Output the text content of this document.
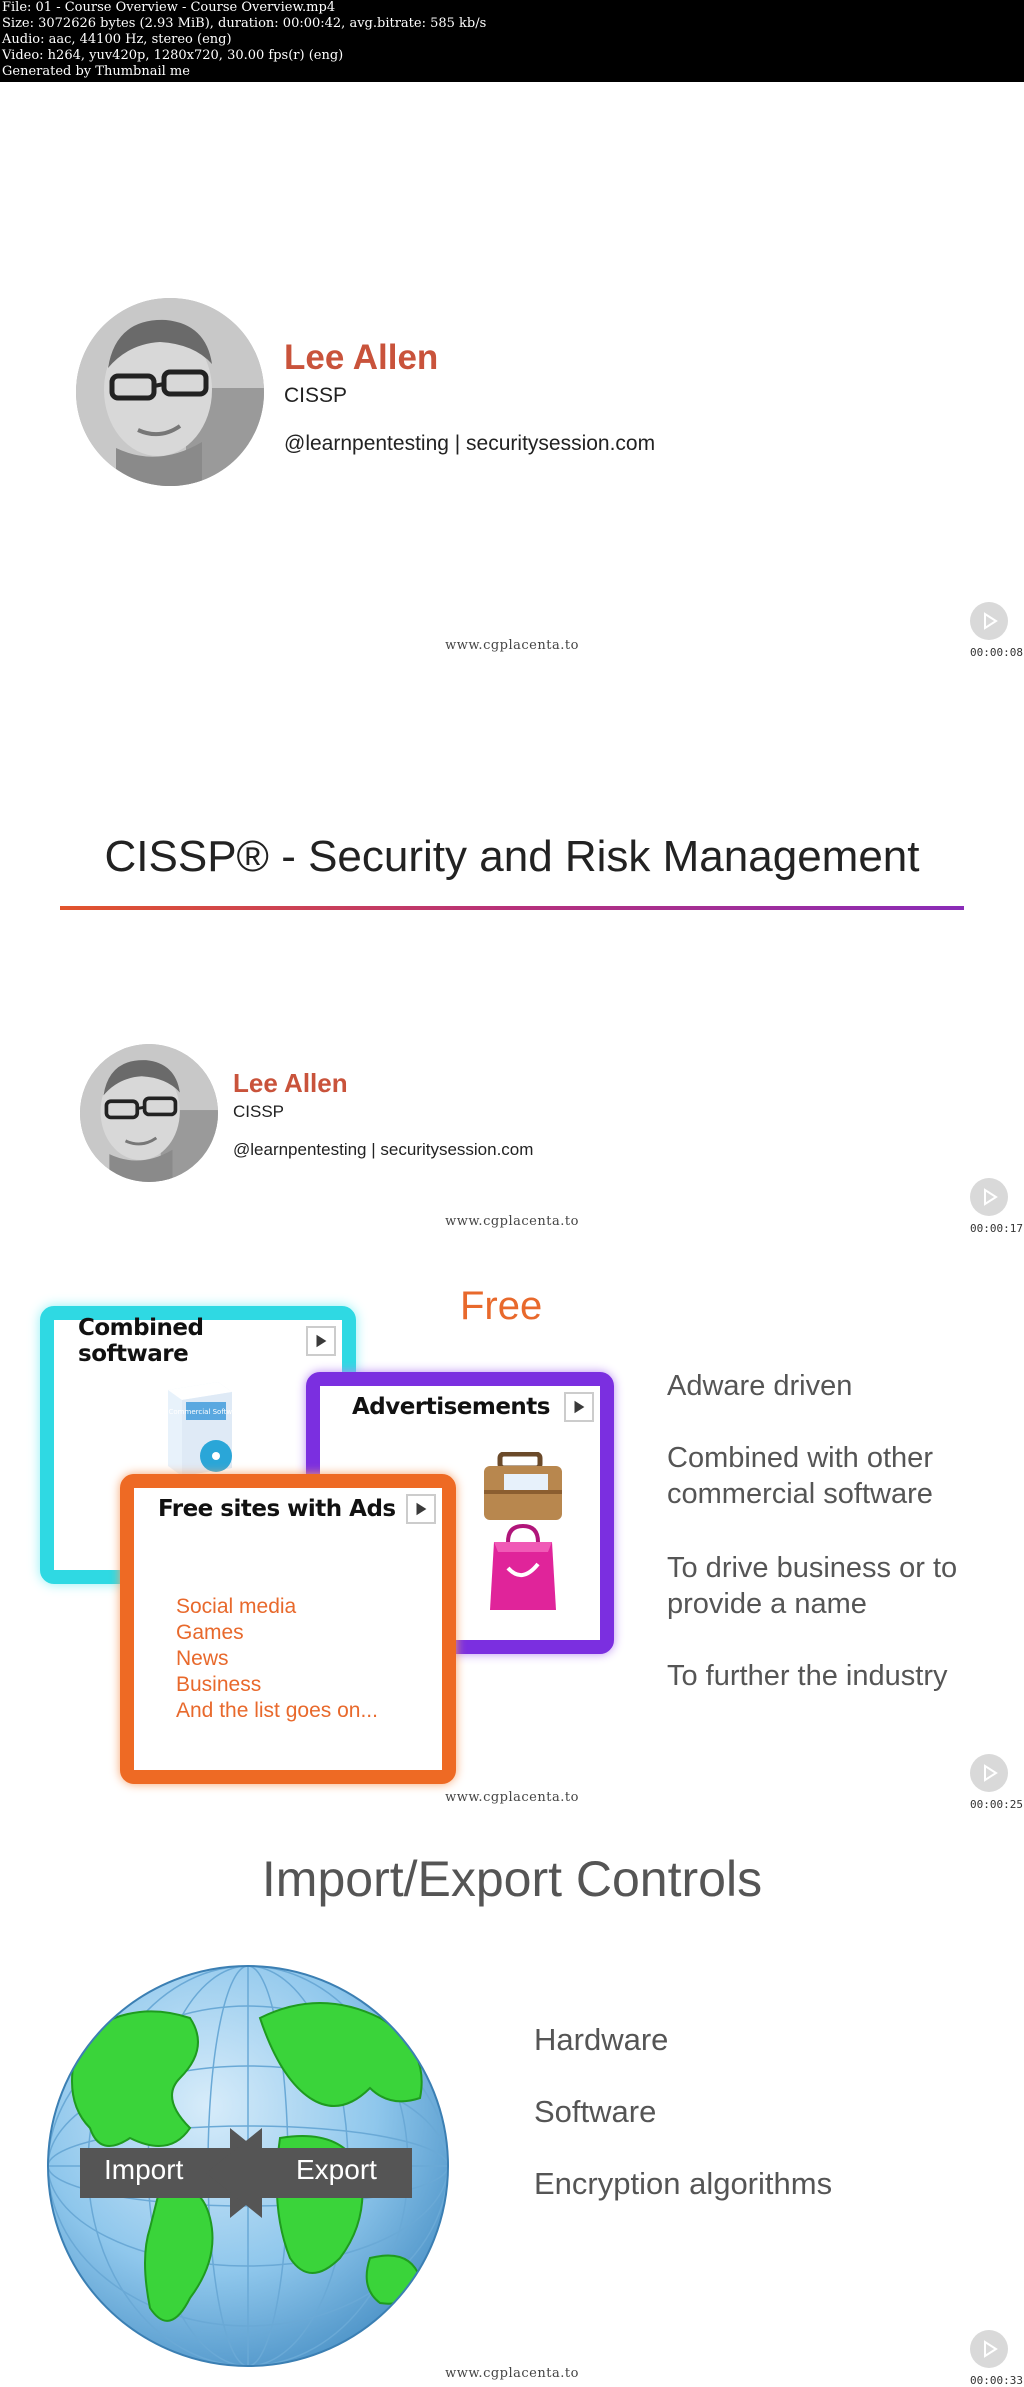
File: 01 - Course Overview - Course Overview.mp4
Size: 3072626 bytes (2.93 MiB), duration: 00:00:42, avg.bitrate: 585 kb/s
Audio: aac, 44100 Hz, stereo (eng)
Video: h264, yuv420p, 1280x720, 30.00 fps(r) (eng)
Generated by Thumbnail me
Lee Allen
CISSP
@learnpentesting | securitysession.com
www.cgplacenta.to	00:00:08
CISSP® - Security and Risk Management
Lee Allen
CISSP
@learnpentesting | securitysession.com
www.cgplacenta.to	00:00:17
Free
Combined software
Commercial Software	Advertisements
Free sites with Ads
Social media
Games
News
Business
And the list goes on...
Adware driven
Combined with other commercial software
To drive business or to provide a name
To further the industry
www.cgplacenta.to	00:00:25
Import/Export Controls
Import	Export
Hardware
Software
Encryption algorithms
www.cgplacenta.to	00:00:33
